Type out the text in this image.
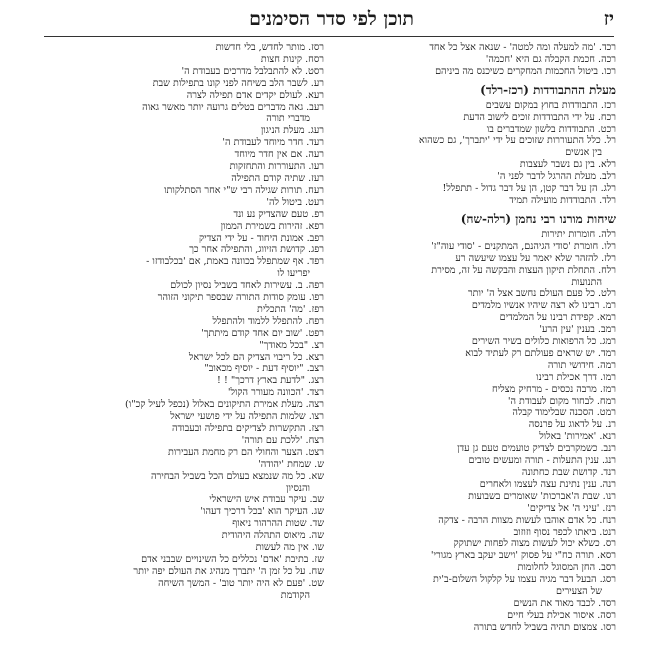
יז
תוכן לפי סדר הסימנים
רכד. 'מה למעלה ומה למטה' - שנאה אצל כל אחד
רכה. חכמת הקבלה גם היא 'חכמה'
רכו. ביטול החכמות המחקרים כשיכנס מה ביניהם
מעלת ההתבודדות (רכז-רלד)
רכז. התבודדות בחוץ במקום עשבים
רכח. על ידי התבודדות זוכים לישוב הדעת
רכט. התבודדות בלשון שמדברים בו
רל. כלל התעוררות שזוכים על ידי 'יתברך', גם כשהוא
בין אנשים
רלא. בין גם נשבר לעצבות
רלב. מעלת ההרגל לדבר לפני ה'
רלג. הן על דבר קטן, הן על דבר גדול - תתפלל!
רלד. התבודדות מועילה תמיד
שיחות מורנו רבי נחמן (רלה-שח)
רלה. חומרות יתירות
רלו. חומרת 'סודי הגיהנם, המתקנים - 'סודי עוה"ז'
רלז. להזהר שלא יאמר על עצמו שיעשה רע
רלח. התחלת תיקון העצות והבקשה על זה, מסירת
התנועות
רלט. כל פעם העולם נחשב אצל ה' יותר
רמ. רבינו לא רצה שיהיו אנשיו מלמדים
רמא. קפידת רבינו על המלמדים
רמב. בענין 'עין הרע'
רמג. כל הרפואות כלולים בשיר השירים
רמד. יש שראים פעולתם רק לעתיד לבוא
רמה. חידושי תורה
רמו. דרך אכילת רבינו
רמז. מרבה נכסים - מרחיק מצליח
רמח. לבחור מקום לעבודת ה'
רמט. הסכנה שבלימוד קבלה
רנ. על לדאוג על פרנסה
רנא. 'אמירות' באלול
רנב. כשמקרבים לצדיק טועמים טעם גן עדן
רנג. ענין התעלות - תורה ומעשים טובים
רנד. קדושת שבת כחתונה
רנה. ענין נתינת עצה לעצמו ולאחרים
רנו. שבת ה'אברכות' שאומרים בשבועות
רנז. 'עיני ה' אל צדיקים'
רנח. כל אדם אוהבו לעשות מצוות הרבה - צדקה
רנט. ביאתו לכפר נסוף וזוזוב
רס. כשלא יכול לעשות מצוה לפחות ישתוקק
רסא. תורה כח"י על פסוק 'וישב יעקב בארץ מגורי'
רסב. החן המסוגל לחלומות
רסג. הבעל דבר מגיה עצמו על קלקול השלום-ב'ית
של הצעירים
רסד. לכבד מאוד את הנשים
רסה. איסור אכילת בעלי חיים
רסו. צמצום תהיה בשביל לחדש בתורה
רסז. מותר לחדש, בלי חדשות
רסח. קינות חצות
רסט. לא להתבלבל מדרכים בעבודת ה'
רע. לשבר הלב בשיחה לפני קונו בתפילות שבת
רעא. לעולם יקדים אדם תפילה לצרה
רעב. גאה מדברים בטלים גרועה יותר מאשר גאוה
מדברי תורה
רעג. מעלת הניגון
רעד. חדר מיוחד לעבודת ה'
רעה. אם אין חדר מיוחד
רעו. התעוררות והתחזקות
רעז. שתיה קודם התפילה
רעח. תורות שגילה רבי ש"י אחר הסתלקותו
רעט. ביטול לה'
רפ. טעם שהצדיק נע ונד
רפא. זהירות בשמירת הממון
רפב. אמונת היחוד - על ידי הצדיק
רפג. קדושת הזיווג, והתפילה אחר כך
רפד. אף שמתפלל בכוונה באמת, אם 'בכלבודזו -
יפריעו לו
רפה. ב. עשירות לאחד בשביל נסיון לכולם
רפו. עומק סודות התורה שבספר תיקוני הזוהר
רפז. 'מה' התכלית
רפח. להתפלל ללמוד ולהתפלל
רפט. 'שוב יום אחד קודם מיתתך'
רצ. "בכל מאודך"
רצא. כל ריבוי הצדיק הם לכל ישראל
רצב. "יוסיף דעת - יוסיף מכאוב"
רצג. "לדעת בארץ דרכך" ! !
רצד. 'הכוונה מעורר הקול'
רצה. מעלת אמירת התיקונים באלול (נכפל לעיל קכ"ו)
רצו. שלמות התפילה על ידי פושעי ישראל
רצז. התקשרות לצדיקים בתפילה ובעבודה
רצח. 'ללכת עם תורה'
רצט. הצער והחולי הם רק מחמת העבירות
ש. שמחת 'יהודה'
שא. כל מה שנמצא בעולם הכל בשביל הבחירה
והנסיון
שב. עיקר עבודת איש הישראלי
שג. העיקר הוא 'בכל דרכיך דעהו'
שד. שטות ההרהור ניאוף
שה. מיאוס התהלה היהודית
שו. אין מה לעשות
שז. בתיבת 'אדם' נכללים כל השינויים שבבני אדם
שח. על כל זמן ה' יתברך מנהיג את העולם יפה יותר
שט. 'פעם לא היה יותר טוב' - המשך השיחה
הקודמת
